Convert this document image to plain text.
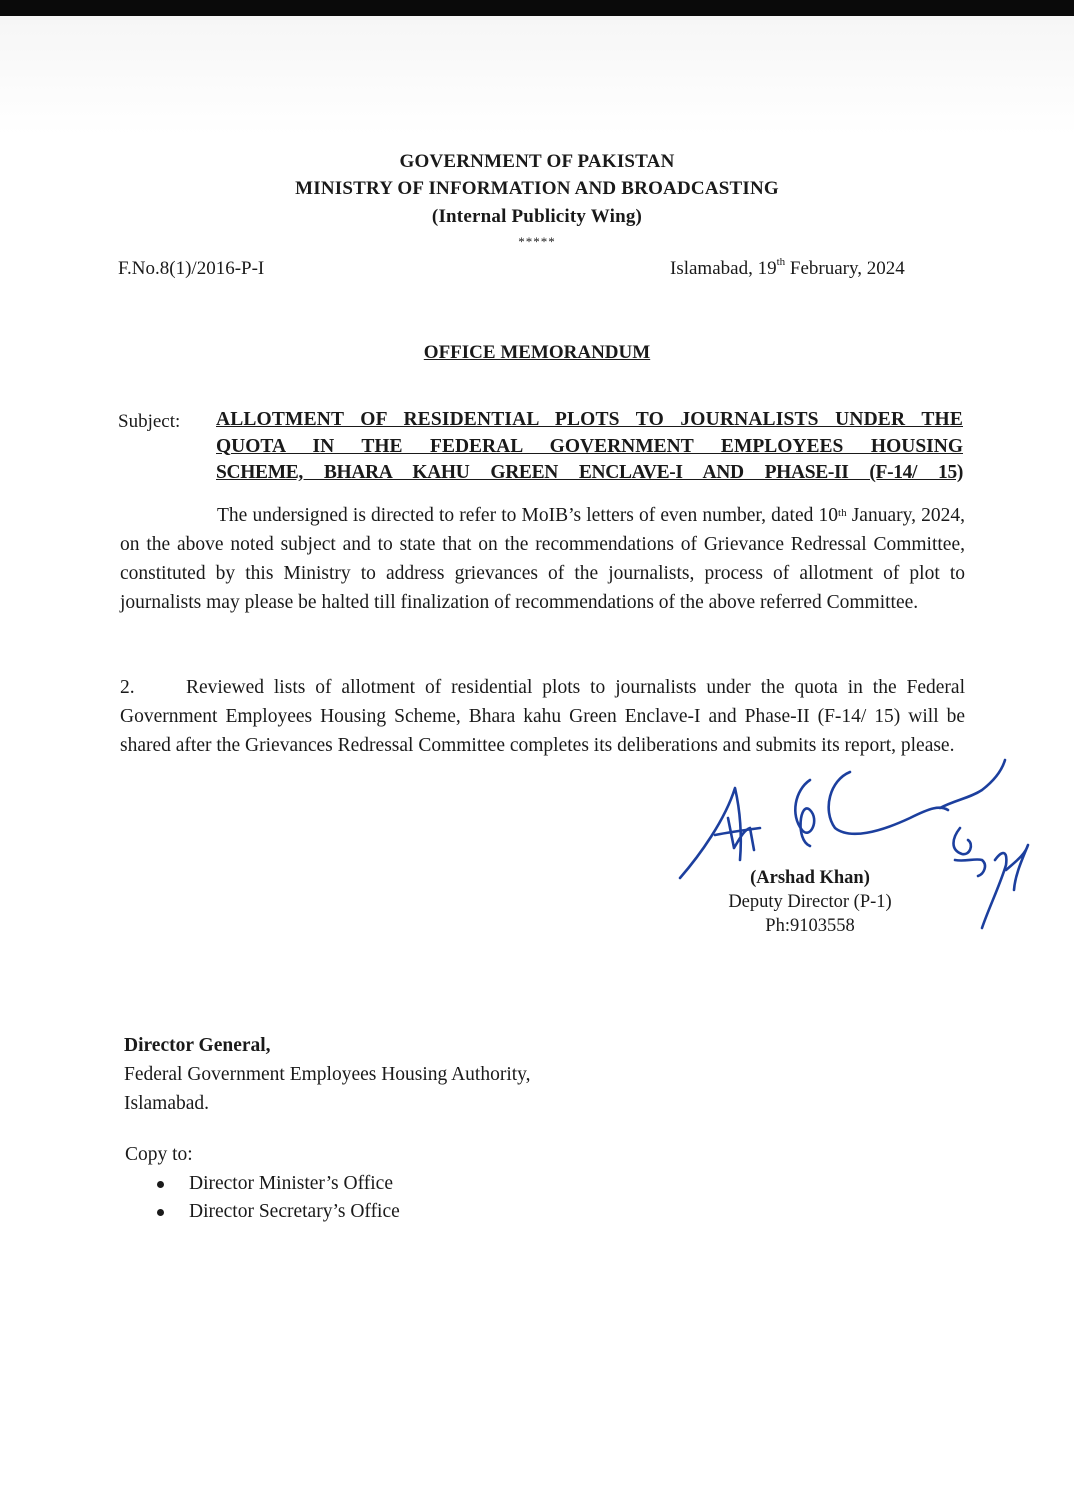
GOVERNMENT OF PAKISTAN
MINISTRY OF INFORMATION AND BROADCASTING
(Internal Publicity Wing)
*****
F.No.8(1)/2016-P-I	Islamabad, 19th February, 2024
OFFICE MEMORANDUM
Subject: ALLOTMENT OF RESIDENTIAL PLOTS TO JOURNALISTS UNDER THE
QUOTA IN THE FEDERAL GOVERNMENT EMPLOYEES HOUSING
SCHEME, BHARA KAHU GREEN ENCLAVE-I AND PHASE-II (F-14/ 15)
The undersigned is directed to refer to MoIB’s letters of even number, dated 10th January, 2024, on the above noted subject and to state that on the recommendations of Grievance Redressal Committee, constituted by this Ministry to address grievances of the journalists, process of allotment of plot to journalists may please be halted till finalization of recommendations of the above referred Committee.
2.	Reviewed lists of allotment of residential plots to journalists under the quota in the Federal Government Employees Housing Scheme, Bhara kahu Green Enclave-I and Phase-II (F-14/ 15) will be shared after the Grievances Redressal Committee completes its deliberations and submits its report, please.
(Arshad Khan)
Deputy Director (P-1)
Ph:9103558
Director General,
Federal Government Employees Housing Authority,
Islamabad.
Copy to:
Director Minister’s Office
Director Secretary’s Office
